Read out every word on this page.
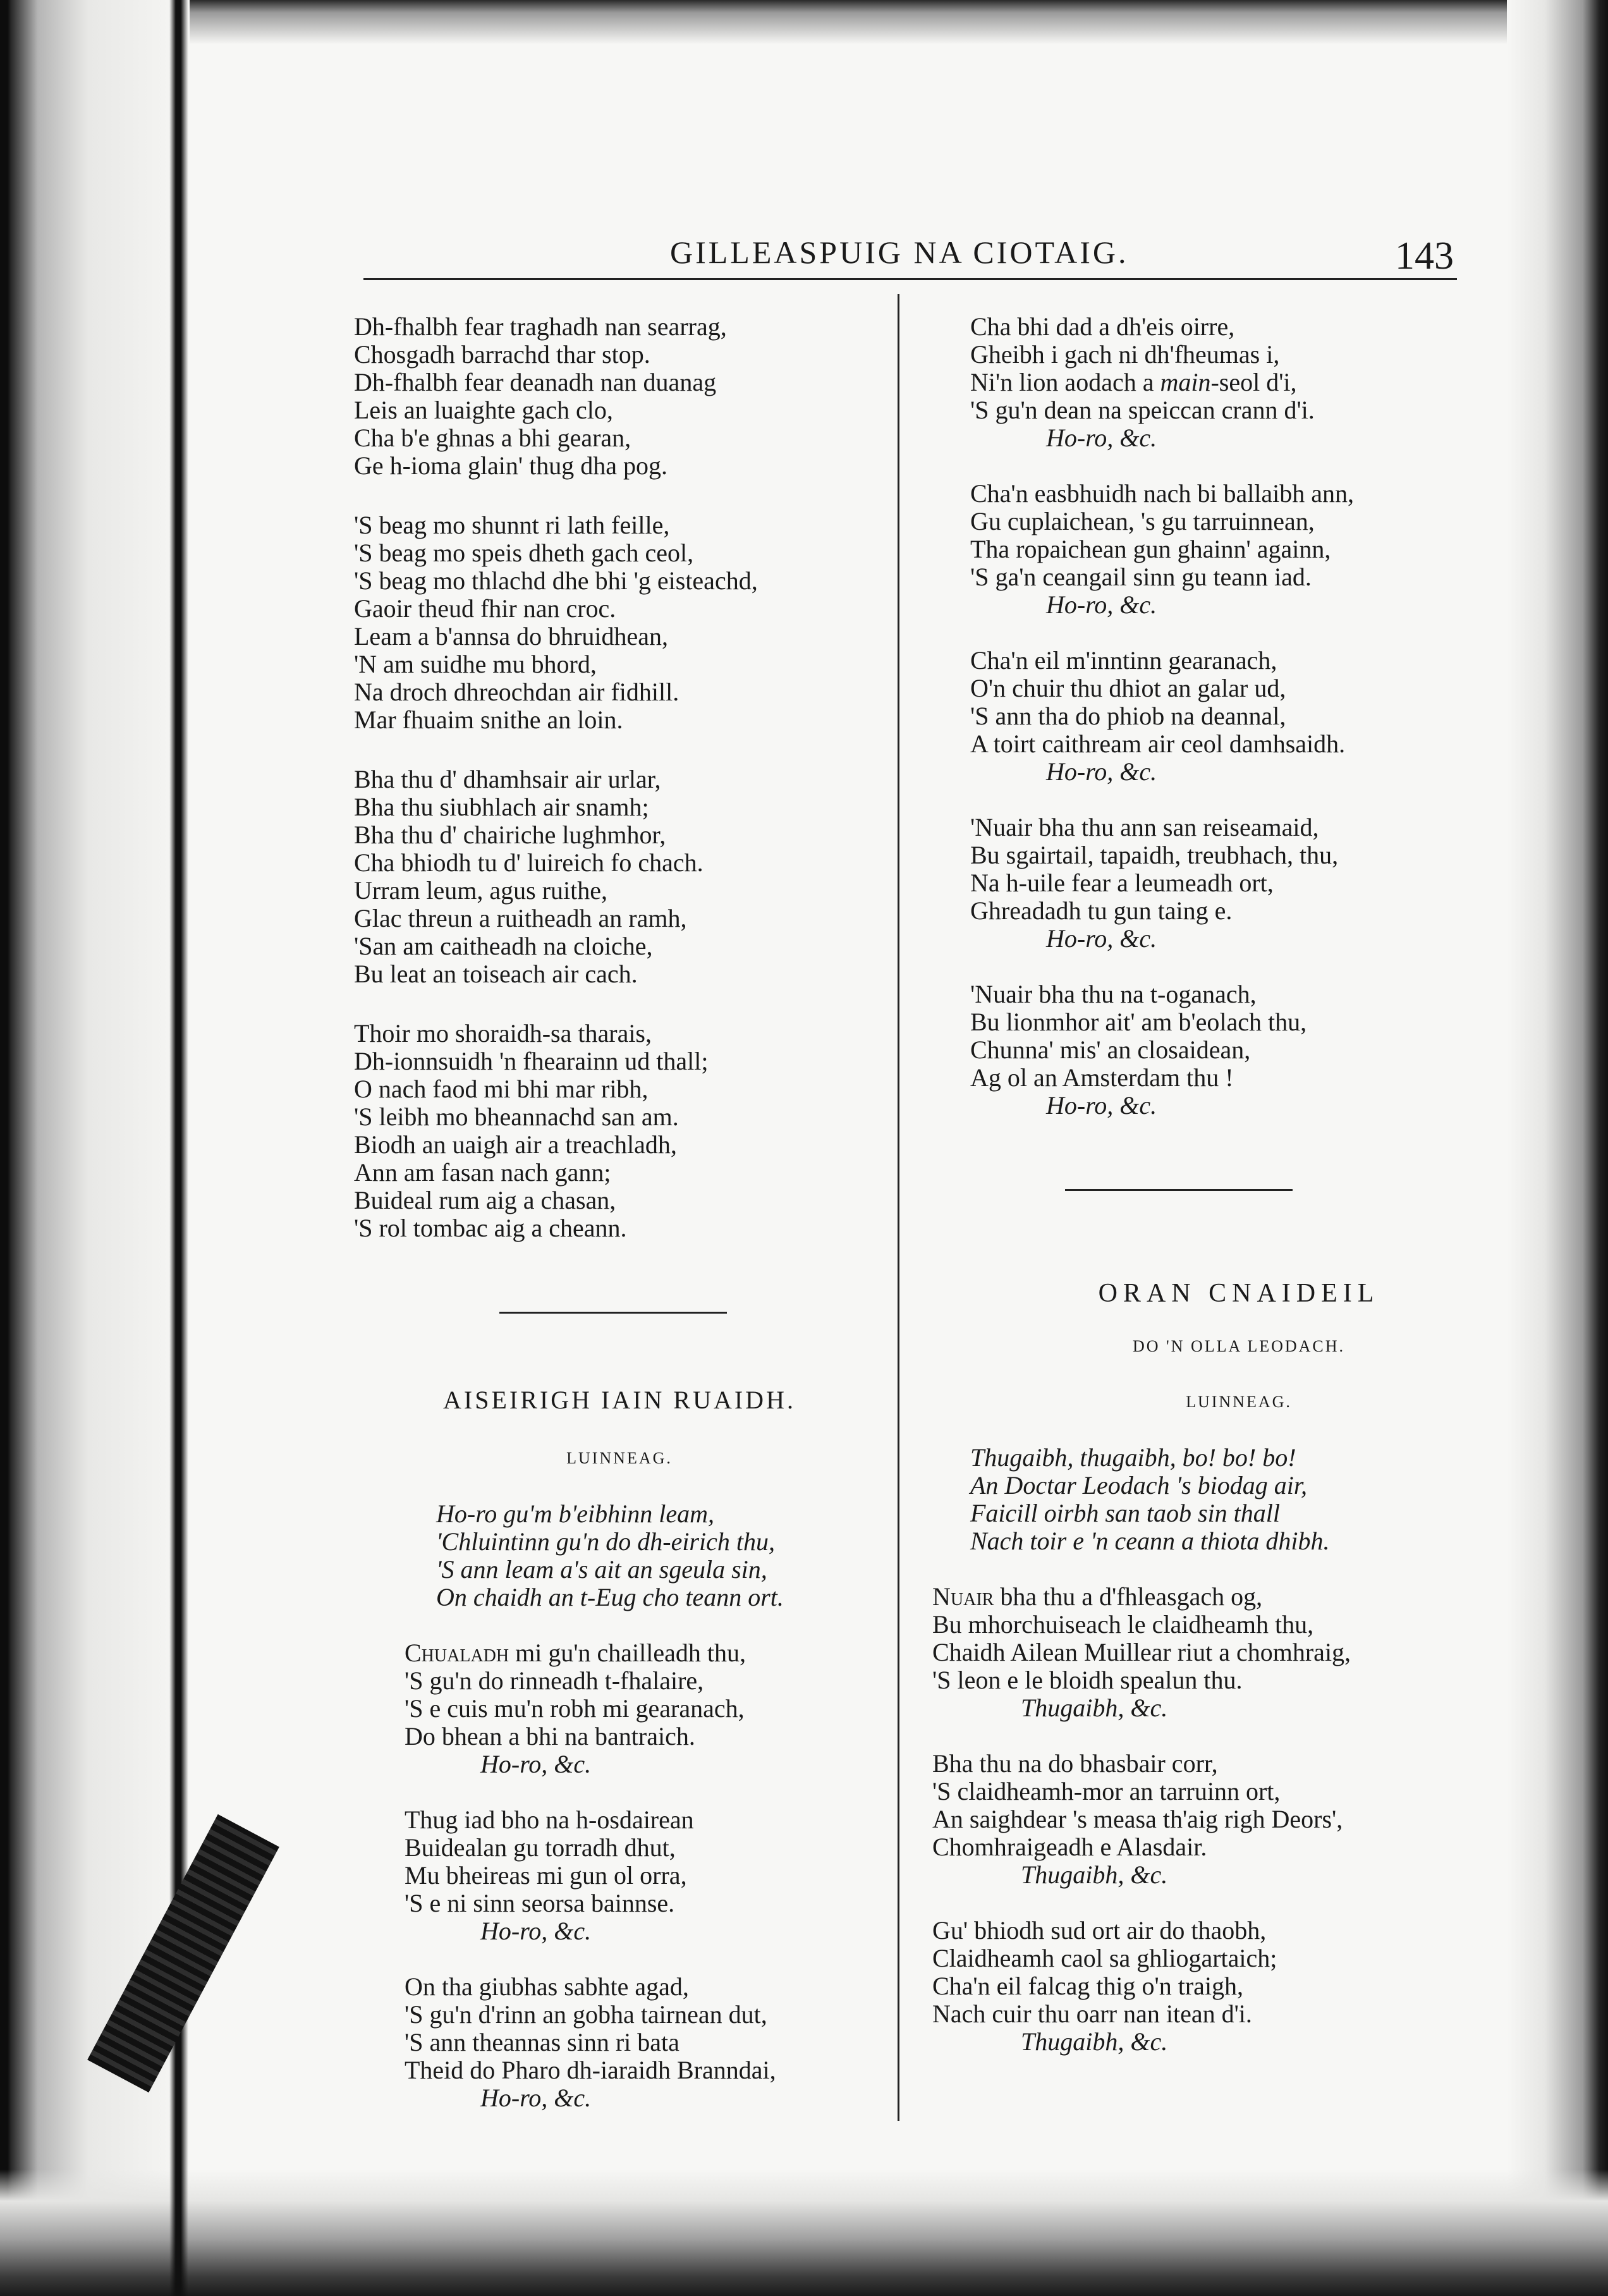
GILLEASPUIG NA CIOTAIG.	143
Dh-fhalbh fear traghadh nan searrag,
Chosgadh barrachd thar stop.
Dh-fhalbh fear deanadh nan duanag
Leis an luaighte gach clo,
Cha b'e ghnas a bhi gearan,
Ge h-ioma glain' thug dha pog.
'S beag mo shunnt ri lath feille,
'S beag mo speis dheth gach ceol,
'S beag mo thlachd dhe bhi 'g eisteachd,
Gaoir theud fhir nan croc.
Leam a b'annsa do bhruidhean,
'N am suidhe mu bhord,
Na droch dhreochdan air fidhill.
Mar fhuaim snithe an loin.
Bha thu d' dhamhsair air urlar,
Bha thu siubhlach air snamh;
Bha thu d' chairiche lughmhor,
Cha bhiodh tu d' luireich fo chach.
Urram leum, agus ruithe,
Glac threun a ruitheadh an ramh,
'San am caitheadh na cloiche,
Bu leat an toiseach air cach.
Thoir mo shoraidh-sa tharais,
Dh-ionnsuidh 'n fhearainn ud thall;
O nach faod mi bhi mar ribh,
'S leibh mo bheannachd san am.
Biodh an uaigh air a treachladh,
Ann am fasan nach gann;
Buideal rum aig a chasan,
'S rol tombac aig a cheann.
AISEIRIGH IAIN RUAIDH.
LUINNEAG.
Ho-ro gu'm b'eibhinn leam,
'Chluintinn gu'n do dh-eirich thu,
'S ann leam a's ait an sgeula sin,
On chaidh an t-Eug cho teann ort.
Chualadh mi gu'n chailleadh thu,
'S gu'n do rinneadh t-fhalaire,
'S e cuis mu'n robh mi gearanach,
Do bhean a bhi na bantraich.
Ho-ro, &c.
Thug iad bho na h-osdairean
Buidealan gu torradh dhut,
Mu bheireas mi gun ol orra,
'S e ni sinn seorsa bainnse.
Ho-ro, &c.
On tha giubhas sabhte agad,
'S gu'n d'rinn an gobha tairnean dut,
'S ann theannas sinn ri bata
Theid do Pharo dh-iaraidh Branndai,
Ho-ro, &c.
Cha bhi dad a dh'eis oirre,
Gheibh i gach ni dh'fheumas i,
Ni'n lion aodach a main-seol d'i,
'S gu'n dean na speiccan crann d'i.
Ho-ro, &c.
Cha'n easbhuidh nach bi ballaibh ann,
Gu cuplaichean, 's gu tarruinnean,
Tha ropaichean gun ghainn' againn,
'S ga'n ceangail sinn gu teann iad.
Ho-ro, &c.
Cha'n eil m'inntinn gearanach,
O'n chuir thu dhiot an galar ud,
'S ann tha do phiob na deannal,
A toirt caithream air ceol damhsaidh.
Ho-ro, &c.
'Nuair bha thu ann san reiseamaid,
Bu sgairtail, tapaidh, treubhach, thu,
Na h-uile fear a leumeadh ort,
Ghreadadh tu gun taing e.
Ho-ro, &c.
'Nuair bha thu na t-oganach,
Bu lionmhor ait' am b'eolach thu,
Chunna' mis' an closaidean,
Ag ol an Amsterdam thu !
Ho-ro, &c.
ORAN CNAIDEIL
DO 'N OLLA LEODACH.
LUINNEAG.
Thugaibh, thugaibh, bo! bo! bo!
An Doctar Leodach 's biodag air,
Faicill oirbh san taob sin thall
Nach toir e 'n ceann a thiota dhibh.
Nuair bha thu a d'fhleasgach og,
Bu mhorchuiseach le claidheamh thu,
Chaidh Ailean Muillear riut a chomhraig,
'S leon e le bloidh spealun thu.
Thugaibh, &c.
Bha thu na do bhasbair corr,
'S claidheamh-mor an tarruinn ort,
An saighdear 's measa th'aig righ Deors',
Chomhraigeadh e Alasdair.
Thugaibh, &c.
Gu' bhiodh sud ort air do thaobh,
Claidheamh caol sa ghliogartaich;
Cha'n eil falcag thig o'n traigh,
Nach cuir thu oarr nan itean d'i.
Thugaibh, &c.
